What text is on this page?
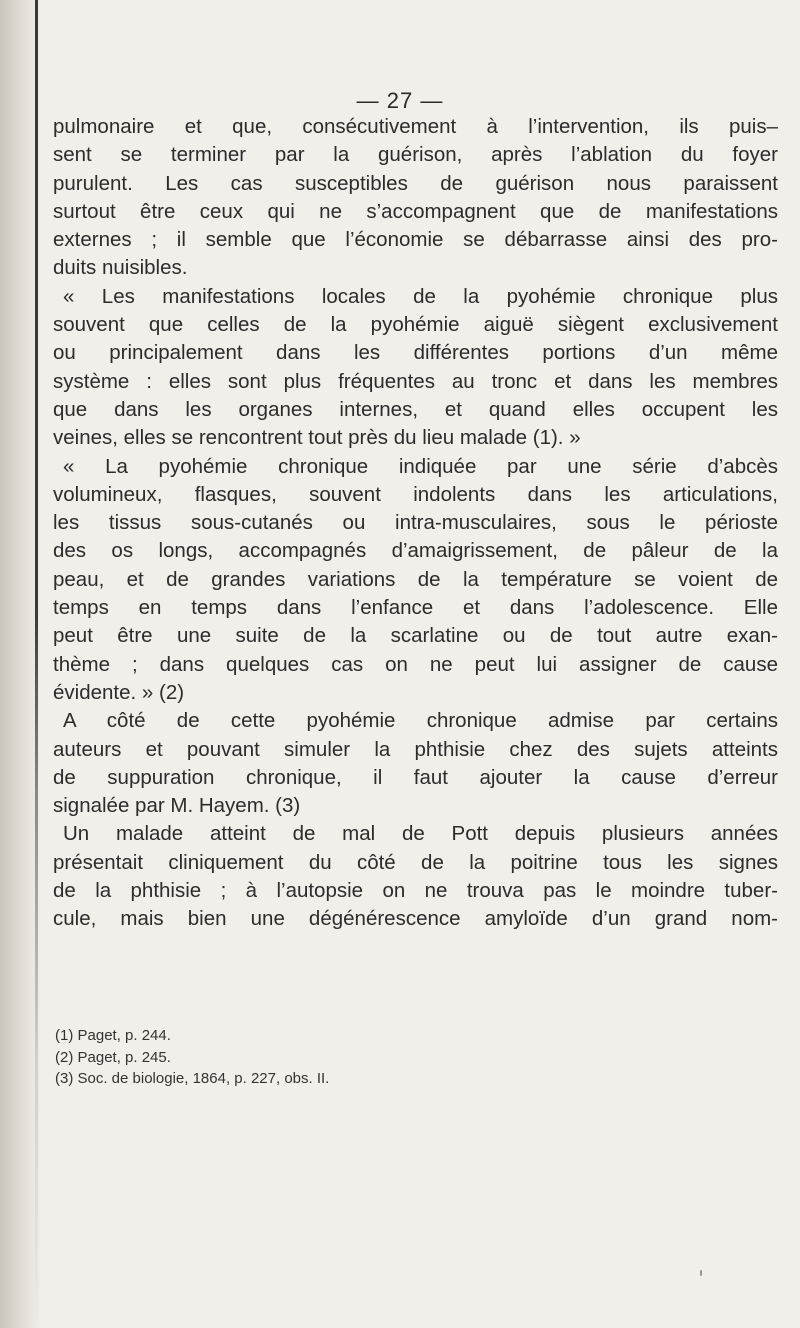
— 27 —
pulmonaire et que, consécutivement à l’intervention, ils puis–
sent se terminer par la guérison, après l’ablation du foyer
purulent. Les cas susceptibles de guérison nous paraissent
surtout être ceux qui ne s’accompagnent que de manifestations
externes ; il semble que l’économie se débarrasse ainsi des pro-
duits nuisibles.
« Les manifestations locales de la pyohémie chronique plus
souvent que celles de la pyohémie aiguë siègent exclusivement
ou principalement dans les différentes portions d’un même
système : elles sont plus fréquentes au tronc et dans les membres
que dans les organes internes, et quand elles occupent les
veines, elles se rencontrent tout près du lieu malade (1). »
« La pyohémie chronique indiquée par une série d’abcès
volumineux, flasques, souvent indolents dans les articulations,
les tissus sous-cutanés ou intra-musculaires, sous le périoste
des os longs, accompagnés d’amaigrissement, de pâleur de la
peau, et de grandes variations de la température se voient de
temps en temps dans l’enfance et dans l’adolescence. Elle
peut être une suite de la scarlatine ou de tout autre exan-
thème ; dans quelques cas on ne peut lui assigner de cause
évidente. » (2)
A côté de cette pyohémie chronique admise par certains
auteurs et pouvant simuler la phthisie chez des sujets atteints
de suppuration chronique, il faut ajouter la cause d’erreur
signalée par M. Hayem. (3)
Un malade atteint de mal de Pott depuis plusieurs années
présentait cliniquement du côté de la poitrine tous les signes
de la phthisie ; à l’autopsie on ne trouva pas le moindre tuber-
cule, mais bien une dégénérescence amyloïde d’un grand nom-
(1) Paget, p. 244.
(2) Paget, p. 245.
(3) Soc. de biologie, 1864, p. 227, obs. II.
